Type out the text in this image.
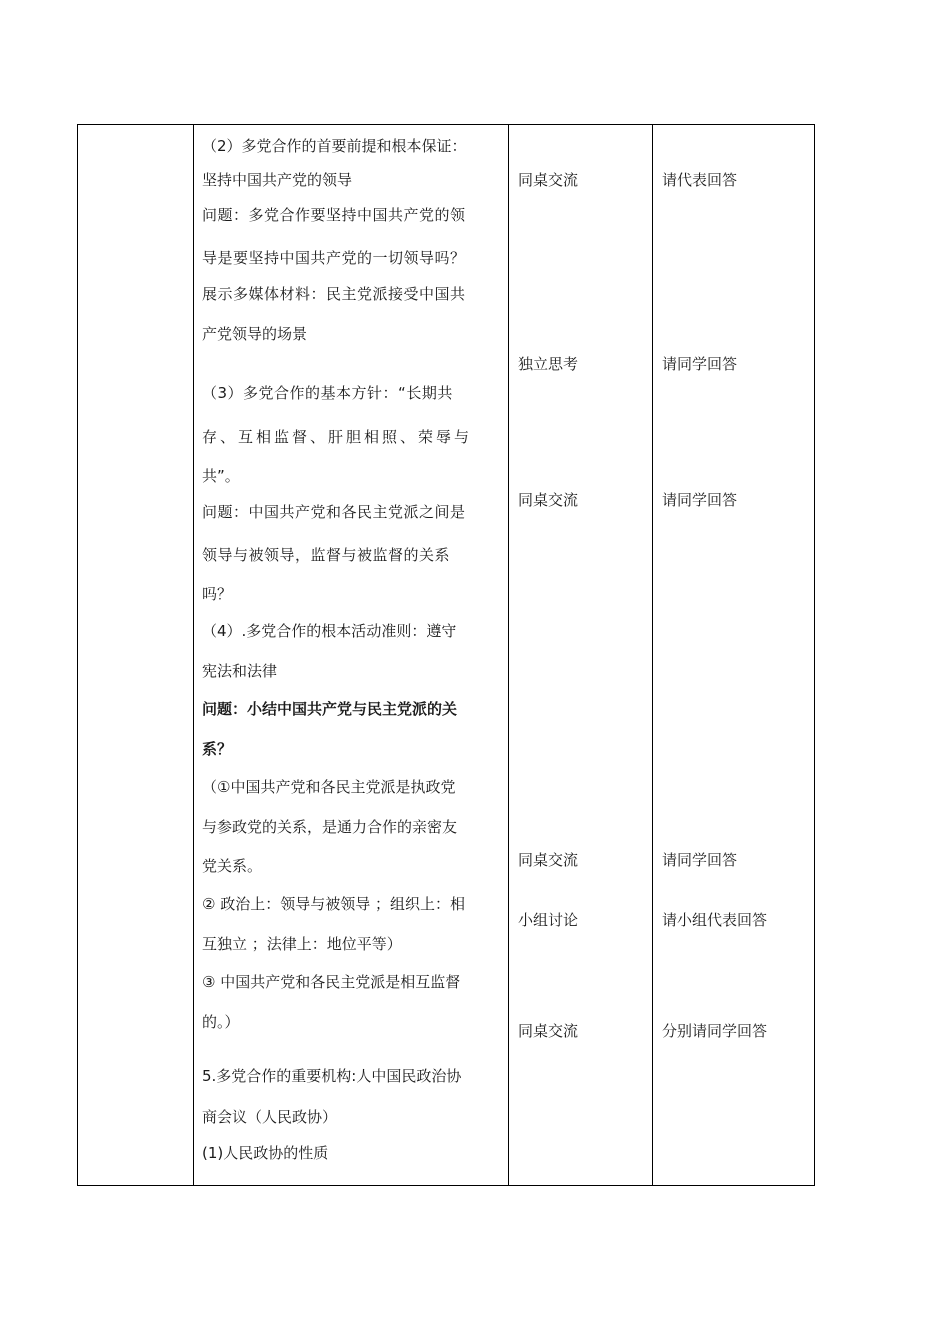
（2）多党合作的首要前提和根本保证：
坚持中国共产党的领导
问题：多党合作要坚持中国共产党的领
导是要坚持中国共产党的一切领导吗？
展示多媒体材料：民主党派接受中国共
产党领导的场景
（3）多党合作的基本方针：“长期共
存、互相监督、肝胆相照、荣辱与
共”。
问题：中国共产党和各民主党派之间是
领导与被领导，监督与被监督的关系
吗？
（4）.多党合作的根本活动准则：遵守
宪法和法律
问题：小结中国共产党与民主党派的关
系？
（①中国共产党和各民主党派是执政党
与参政党的关系，是通力合作的亲密友
党关系。
② 政治上：领导与被领导 ；组织上：相
互独立 ；法律上：地位平等）
③ 中国共产党和各民主党派是相互监督
的。）
5.多党合作的重要机构:人中国民政治协
商会议（人民政协）
(1)人民政协的性质
同桌交流
独立思考
同桌交流
同桌交流
小组讨论
同桌交流
请代表回答
请同学回答
请同学回答
请同学回答
请小组代表回答
分别请同学回答
